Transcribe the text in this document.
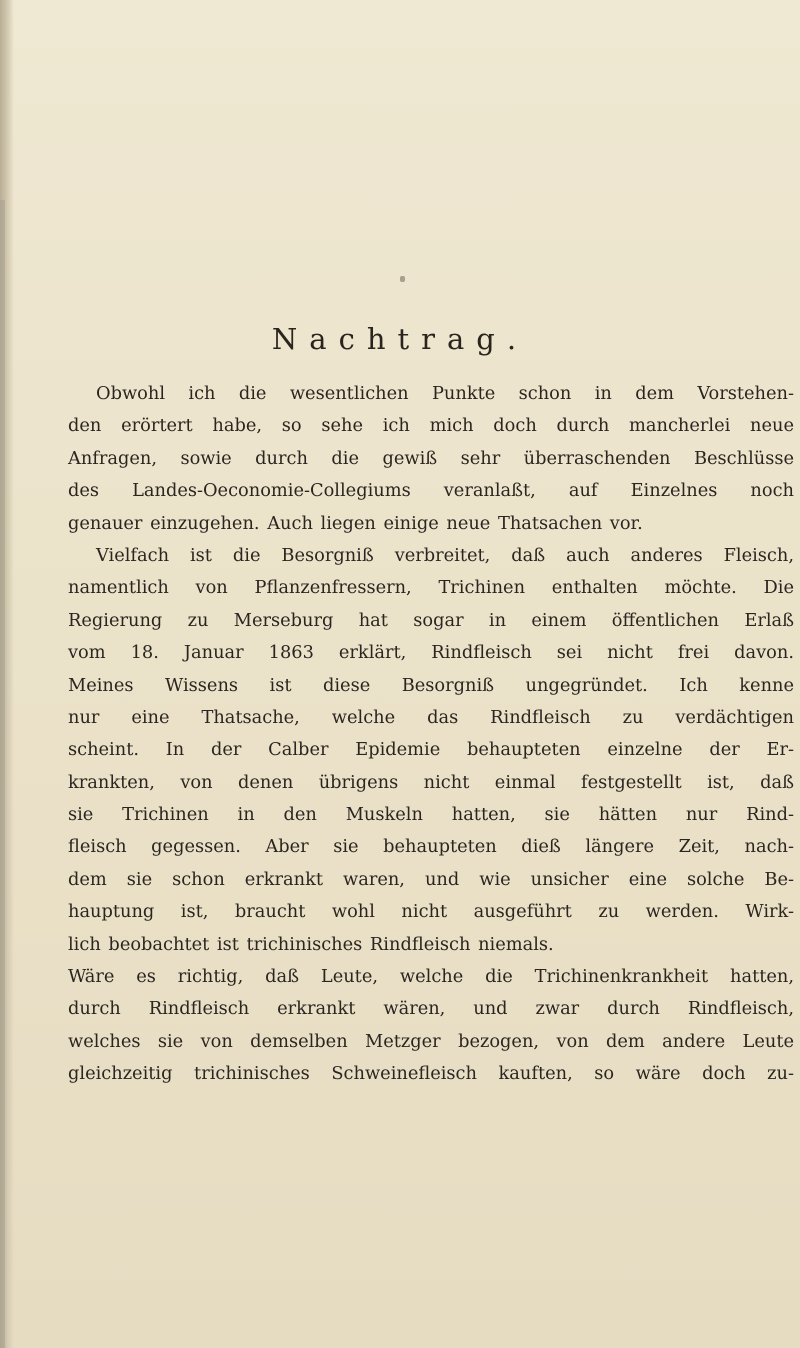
Nachtrag.
Obwohl ich die wesentlichen Punkte schon in dem Vorstehen-
den erörtert habe, so sehe ich mich doch durch mancherlei neue
Anfragen, sowie durch die gewiß sehr überraschenden Beschlüsse
des Landes-Oeconomie-Collegiums veranlaßt, auf Einzelnes noch
genauer einzugehen. Auch liegen einige neue Thatsachen vor.
Vielfach ist die Besorgniß verbreitet, daß auch anderes Fleisch,
namentlich von Pflanzenfressern, Trichinen enthalten möchte. Die
Regierung zu Merseburg hat sogar in einem öffentlichen Erlaß
vom 18. Januar 1863 erklärt, Rindfleisch sei nicht frei davon.
Meines Wissens ist diese Besorgniß ungegründet. Ich kenne
nur eine Thatsache, welche das Rindfleisch zu verdächtigen
scheint. In der Calber Epidemie behaupteten einzelne der Er-
krankten, von denen übrigens nicht einmal festgestellt ist, daß
sie Trichinen in den Muskeln hatten, sie hätten nur Rind-
fleisch gegessen. Aber sie behaupteten dieß längere Zeit, nach-
dem sie schon erkrankt waren, und wie unsicher eine solche Be-
hauptung ist, braucht wohl nicht ausgeführt zu werden. Wirk-
lich beobachtet ist trichinisches Rindfleisch niemals.
Wäre es richtig, daß Leute, welche die Trichinenkrankheit hatten,
durch Rindfleisch erkrankt wären, und zwar durch Rindfleisch,
welches sie von demselben Metzger bezogen, von dem andere Leute
gleichzeitig trichinisches Schweinefleisch kauften, so wäre doch zu-
